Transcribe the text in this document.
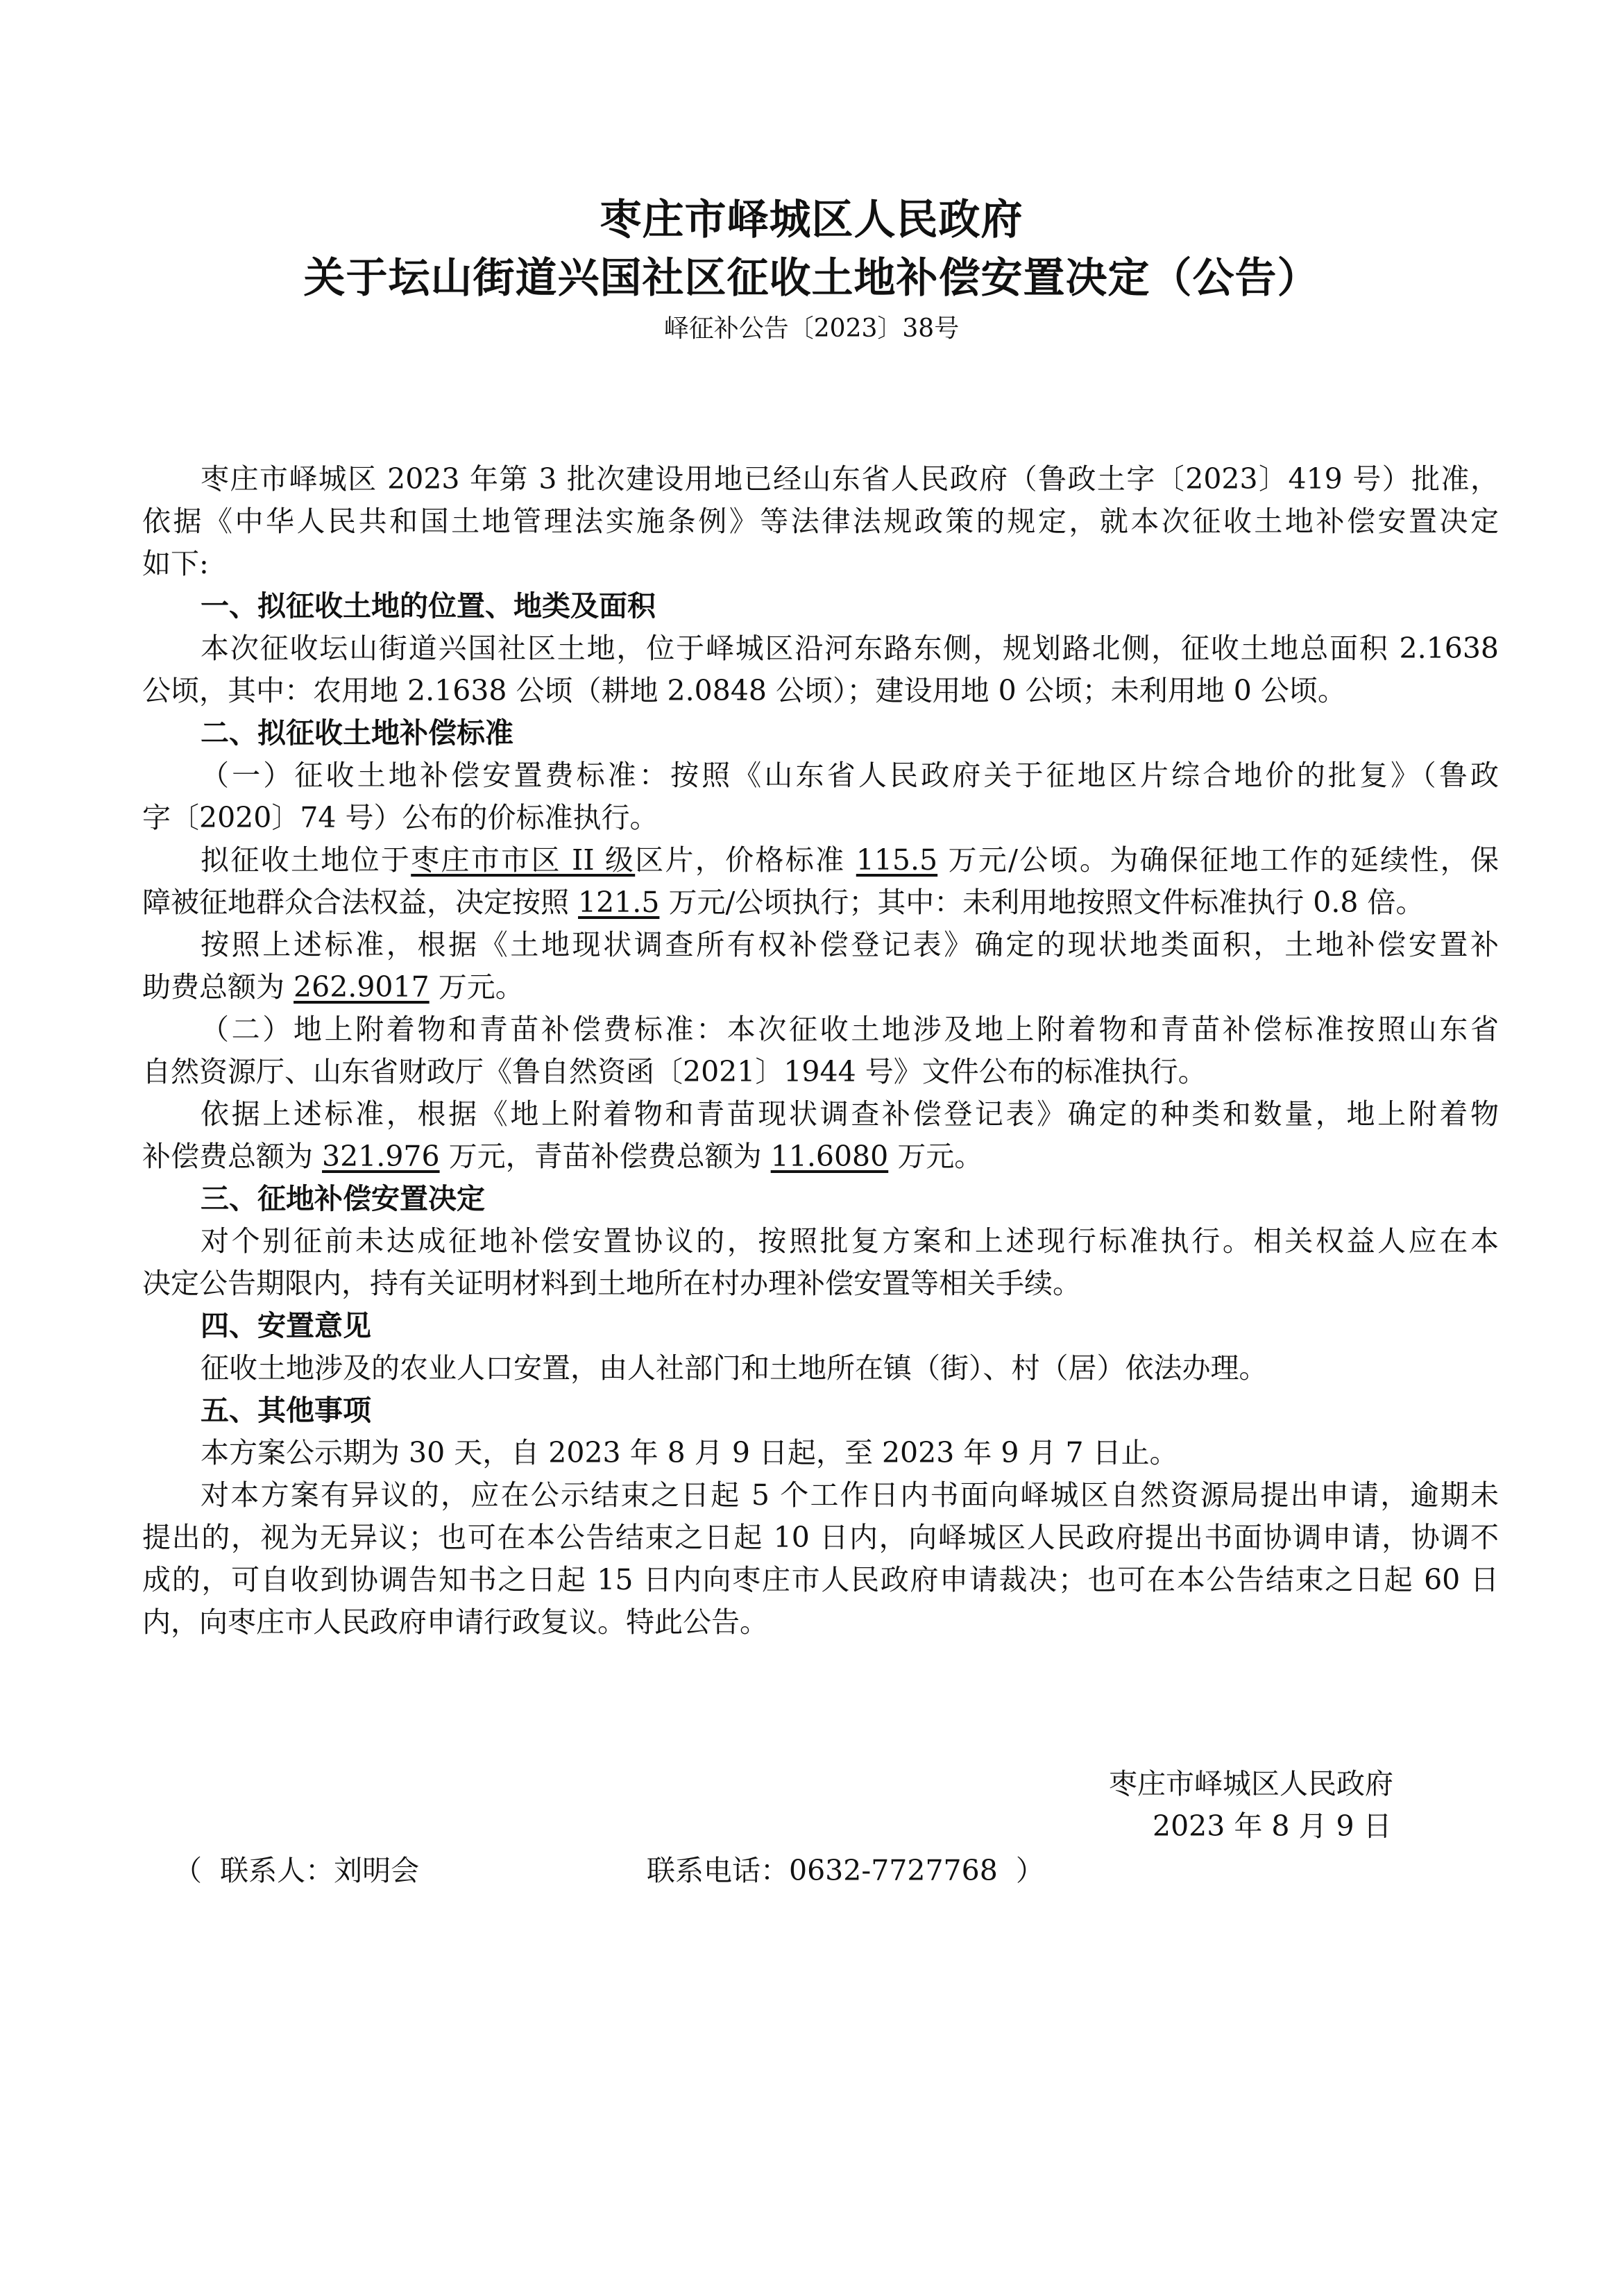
枣庄市峄城区人民政府
关于坛山街道兴国社区征收土地补偿安置决定（公告）
峄征补公告〔2023〕38号
枣庄市峄城区 2023 年第 3 批次建设用地已经山东省人民政府（鲁政土字〔2023〕419 号）批准，
依据《中华人民共和国土地管理法实施条例》等法律法规政策的规定，就本次征收土地补偿安置决定
如下:
一、拟征收土地的位置、地类及面积
本次征收坛山街道兴国社区土地，位于峄城区沿河东路东侧，规划路北侧，征收土地总面积 2.1638
公顷，其中：农用地 2.1638 公顷（耕地 2.0848 公顷）；建设用地 0 公顷；未利用地 0 公顷。
二、拟征收土地补偿标准
（一）征收土地补偿安置费标准：按照《山东省人民政府关于征地区片综合地价的批复》（鲁政
字〔2020〕74 号）公布的价标准执行。
拟征收土地位于枣庄市市区 II 级区片，价格标准 115.5 万元/公顷。为确保征地工作的延续性，保
障被征地群众合法权益，决定按照 121.5 万元/公顷执行；其中：未利用地按照文件标准执行 0.8 倍。
按照上述标准，根据《土地现状调查所有权补偿登记表》确定的现状地类面积，土地补偿安置补
助费总额为 262.9017 万元。
（二）地上附着物和青苗补偿费标准：本次征收土地涉及地上附着物和青苗补偿标准按照山东省
自然资源厅、山东省财政厅《鲁自然资函〔2021〕1944 号》文件公布的标准执行。
依据上述标准，根据《地上附着物和青苗现状调查补偿登记表》确定的种类和数量，地上附着物
补偿费总额为 321.976 万元，青苗补偿费总额为 11.6080 万元。
三、征地补偿安置决定
对个别征前未达成征地补偿安置协议的，按照批复方案和上述现行标准执行。相关权益人应在本
决定公告期限内，持有关证明材料到土地所在村办理补偿安置等相关手续。
四、安置意见
征收土地涉及的农业人口安置，由人社部门和土地所在镇（街）、村（居）依法办理。
五、其他事项
本方案公示期为 30 天，自 2023 年 8 月 9 日起，至 2023 年 9 月 7 日止。
对本方案有异议的，应在公示结束之日起 5 个工作日内书面向峄城区自然资源局提出申请，逾期未
提出的，视为无异议；也可在本公告结束之日起 10 日内，向峄城区人民政府提出书面协调申请，协调不
成的，可自收到协调告知书之日起 15 日内向枣庄市人民政府申请裁决；也可在本公告结束之日起 60 日
内，向枣庄市人民政府申请行政复议。特此公告。
枣庄市峄城区人民政府
2023 年 8 月 9 日
（  联系人：刘明会	联系电话：0632-7727768  ）
